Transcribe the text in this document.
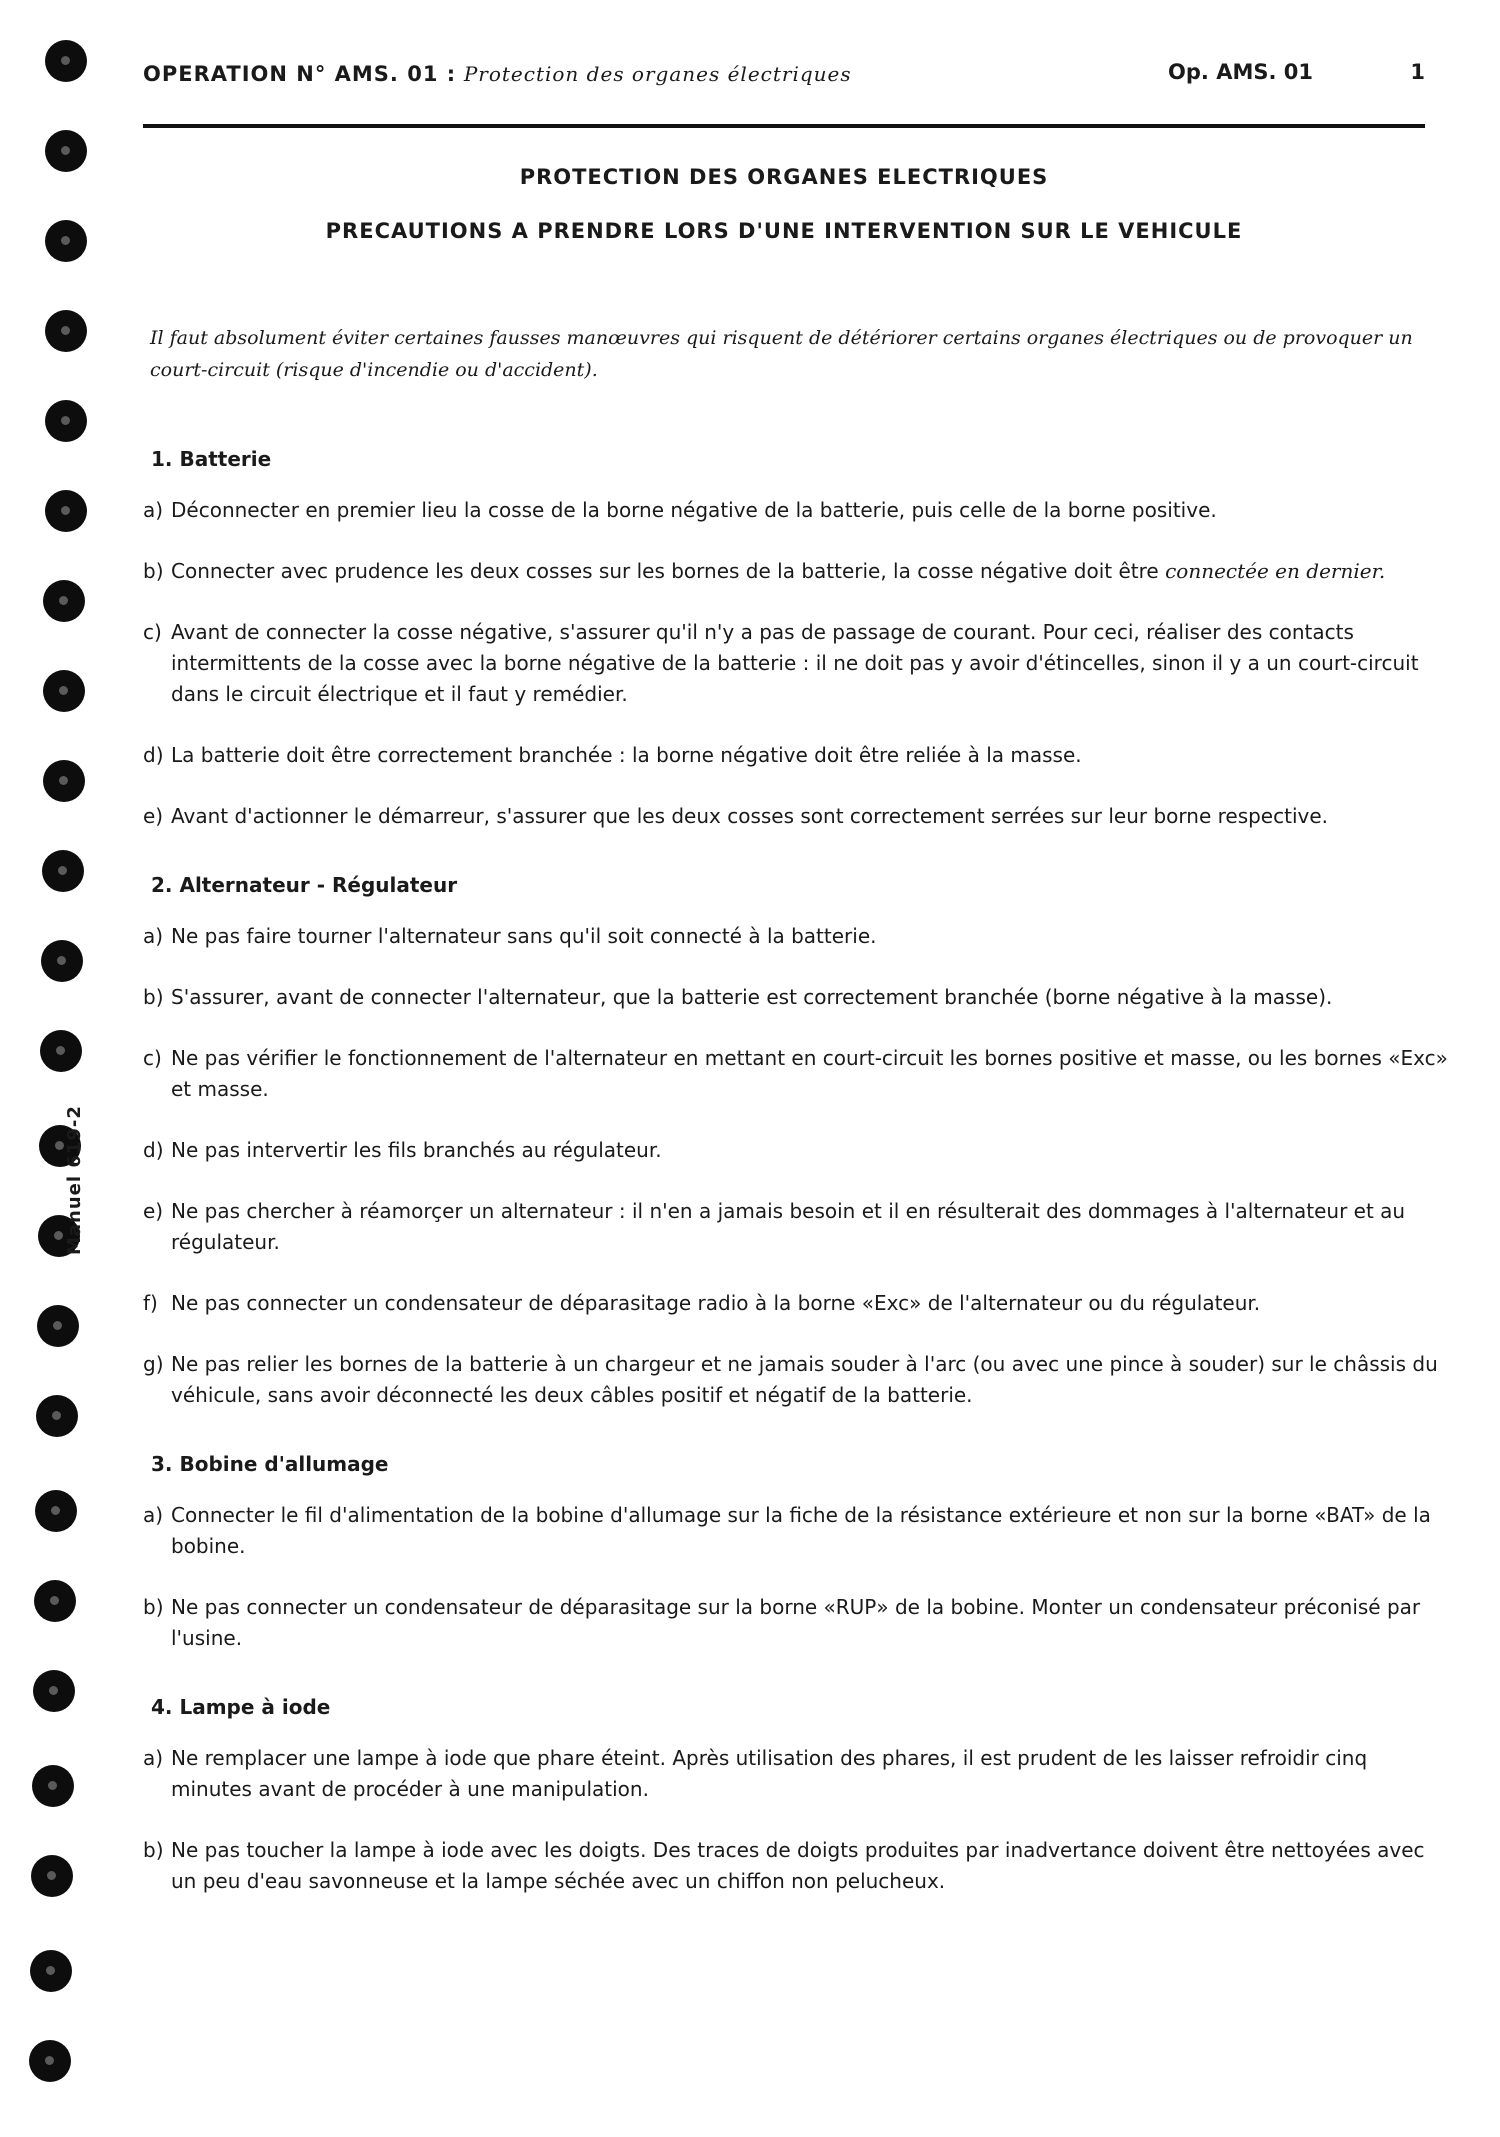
Manuel 619-2
OPERATION N° AMS. 01 : Protection des organes électriques	Op. AMS. 01	1
PROTECTION DES ORGANES ELECTRIQUES
PRECAUTIONS A PRENDRE LORS D'UNE INTERVENTION SUR LE VEHICULE
Il faut absolument éviter certaines fausses manœuvres qui risquent de détériorer certains organes électriques ou de provoquer un court-circuit (risque d'incendie ou d'accident).
1. Batterie
a) Déconnecter en premier lieu la cosse de la borne négative de la batterie, puis celle de la borne positive.
b) Connecter avec prudence les deux cosses sur les bornes de la batterie, la cosse négative doit être connectée en dernier.
c) Avant de connecter la cosse négative, s'assurer qu'il n'y a pas de passage de courant. Pour ceci, réaliser des contacts intermittents de la cosse avec la borne négative de la batterie : il ne doit pas y avoir d'étincelles, sinon il y a un court-circuit dans le circuit électrique et il faut y remédier.
d) La batterie doit être correctement branchée : la borne négative doit être reliée à la masse.
e) Avant d'actionner le démarreur, s'assurer que les deux cosses sont correctement serrées sur leur borne respective.
2. Alternateur - Régulateur
a) Ne pas faire tourner l'alternateur sans qu'il soit connecté à la batterie.
b) S'assurer, avant de connecter l'alternateur, que la batterie est correctement branchée (borne négative à la masse).
c) Ne pas vérifier le fonctionnement de l'alternateur en mettant en court-circuit les bornes positive et masse, ou les bornes «Exc» et masse.
d) Ne pas intervertir les fils branchés au régulateur.
e) Ne pas chercher à réamorçer un alternateur : il n'en a jamais besoin et il en résulterait des dommages à l'alternateur et au régulateur.
f) Ne pas connecter un condensateur de déparasitage radio à la borne «Exc» de l'alternateur ou du régulateur.
g) Ne pas relier les bornes de la batterie à un chargeur et ne jamais souder à l'arc (ou avec une pince à souder) sur le châssis du véhicule, sans avoir déconnecté les deux câbles positif et négatif de la batterie.
3. Bobine d'allumage
a) Connecter le fil d'alimentation de la bobine d'allumage sur la fiche de la résistance extérieure et non sur la borne «BAT» de la bobine.
b) Ne pas connecter un condensateur de déparasitage sur la borne «RUP» de la bobine. Monter un condensateur préconisé par l'usine.
4. Lampe à iode
a) Ne remplacer une lampe à iode que phare éteint. Après utilisation des phares, il est prudent de les laisser refroidir cinq minutes avant de procéder à une manipulation.
b) Ne pas toucher la lampe à iode avec les doigts. Des traces de doigts produites par inadvertance doivent être nettoyées avec un peu d'eau savonneuse et la lampe séchée avec un chiffon non pelucheux.
